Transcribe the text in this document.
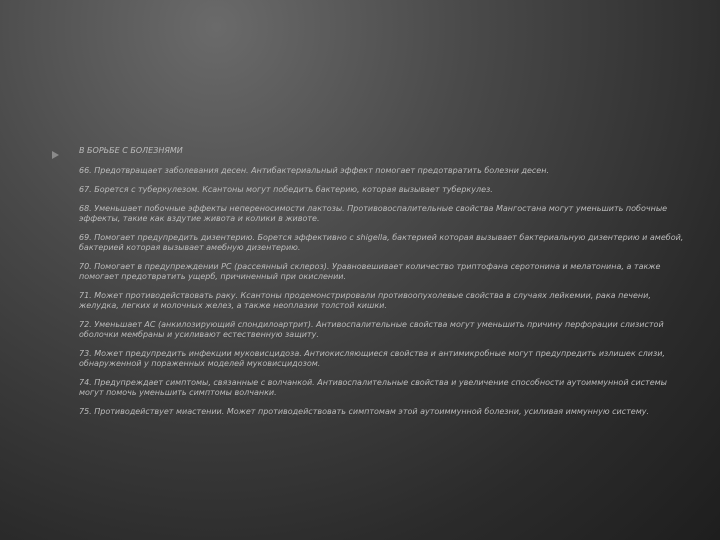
В БОРЬБЕ С БОЛЕЗНЯМИ

66. Предотвращает заболевания десен. Антибактериальный эффект помогает предотвратить болезни десен.

67. Борется с туберкулезом. Ксантоны могут победить бактерию, которая вызывает туберкулез.

68. Уменьшает побочные эффекты непереносимости лактозы. Противовоспалительные свойства Мангостана могут уменьшить побочные эффекты, такие как вздутие живота и колики в животе.

69. Помогает предупредить дизентерию. Борется эффективно с shigella, бактерией которая вызывает бактериальную дизентерию и амебой, бактерией которая вызывает амебную дизентерию.

70. Помогает в предупреждении РС (рассеянный склероз). Уравновешивает количество триптофана серотонина и мелатонина, а также помогает предотвратить ущерб, причиненный при окислении.

71. Может противодействовать раку. Ксантоны продемонстрировали противоопухолевые свойства в случаях лейкемии, рака печени, желудка, легких и молочных желез, а также неоплазии толстой кишки.

72. Уменьшает АС (анкилозирующий спондилоартрит). Антивоспалительные свойства могут уменьшить причину перфорации слизистой оболочки мембраны и усиливают естественную защиту.

73. Может предупредить инфекции муковисцидоза. Антиокисляющиеся свойства и антимикробные могут предупредить излишек слизи, обнаруженной у пораженных моделей муковисцидозом.

74. Предупреждает симптомы, связанные с волчанкой. Антивоспалительные свойства и увеличение способности аутоиммунной системы могут помочь уменьшить симптомы волчанки.

75. Противодействует миастении. Может противодействовать симптомам этой аутоиммунной болезни, усиливая иммунную систему.
